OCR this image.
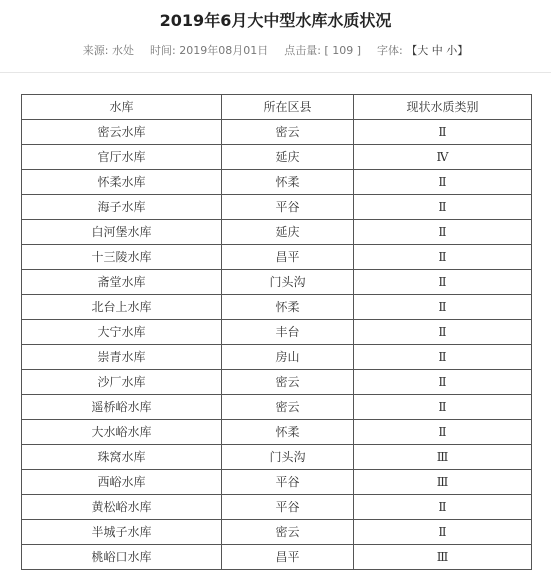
2019年6月大中型水库水质状况
来源: 水处 时间: 2019年08月01日 点击量: [ 109 ] 字体: 【大 中 小】
水库	所在区县	现状水质类别
密云水库	密云	Ⅱ
官厅水库	延庆	Ⅳ
怀柔水库	怀柔	Ⅱ
海子水库	平谷	Ⅱ
白河堡水库	延庆	Ⅱ
十三陵水库	昌平	Ⅱ
斋堂水库	门头沟	Ⅱ
北台上水库	怀柔	Ⅱ
大宁水库	丰台	Ⅱ
崇青水库	房山	Ⅱ
沙厂水库	密云	Ⅱ
遥桥峪水库	密云	Ⅱ
大水峪水库	怀柔	Ⅱ
珠窝水库	门头沟	Ⅲ
西峪水库	平谷	Ⅲ
黄松峪水库	平谷	Ⅱ
半城子水库	密云	Ⅱ
桃峪口水库	昌平	Ⅲ
